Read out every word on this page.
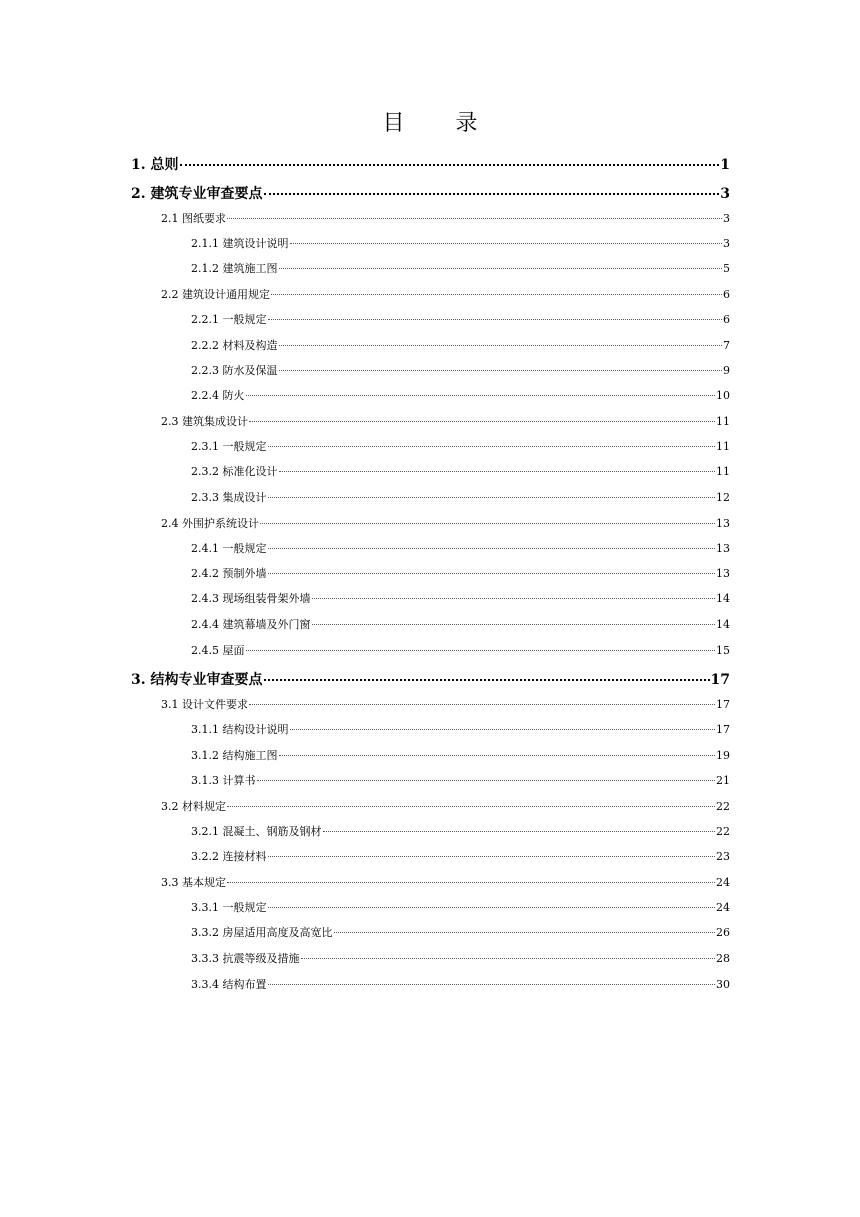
目 录
1. 总则	1
2. 建筑专业审查要点	3
2.1 图纸要求	3
2.1.1 建筑设计说明	3
2.1.2 建筑施工图	5
2.2 建筑设计通用规定	6
2.2.1 一般规定	6
2.2.2 材料及构造	7
2.2.3 防水及保温	9
2.2.4 防火	10
2.3 建筑集成设计	11
2.3.1 一般规定	11
2.3.2 标准化设计	11
2.3.3 集成设计	12
2.4 外围护系统设计	13
2.4.1 一般规定	13
2.4.2 预制外墙	13
2.4.3 现场组装骨架外墙	14
2.4.4 建筑幕墙及外门窗	14
2.4.5 屋面	15
3. 结构专业审查要点	17
3.1 设计文件要求	17
3.1.1 结构设计说明	17
3.1.2 结构施工图	19
3.1.3 计算书	21
3.2 材料规定	22
3.2.1 混凝土、钢筋及钢材	22
3.2.2 连接材料	23
3.3 基本规定	24
3.3.1 一般规定	24
3.3.2 房屋适用高度及高宽比	26
3.3.3 抗震等级及措施	28
3.3.4 结构布置	30
